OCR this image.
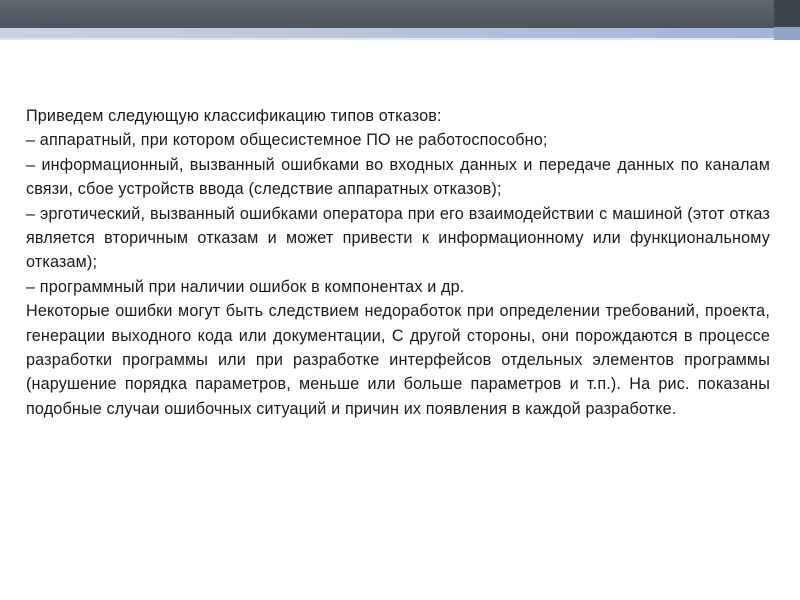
Приведем следующую классификацию типов отказов:

– аппаратный, при котором общесистемное ПО не работоспособно;

– информационный, вызванный ошибками во входных данных и передаче данных по каналам связи, сбое устройств ввода (следствие аппаратных отказов);

– эрготический, вызванный ошибками оператора при его взаимодействии с машиной (этот отказ является вторичным отказам и может привести к информационному или функциональному отказам);

– программный при наличии ошибок в компонентах и др.

Некоторые ошибки могут быть следствием недоработок при определении требований, проекта, генерации выходного кода или документации, С другой стороны, они порождаются в процессе разработки программы или при разработке интерфейсов отдельных элементов программы (нарушение порядка параметров, меньше или больше параметров и т.п.). На рис. показаны подобные случаи ошибочных ситуаций и причин их появления в каждой разработке.
